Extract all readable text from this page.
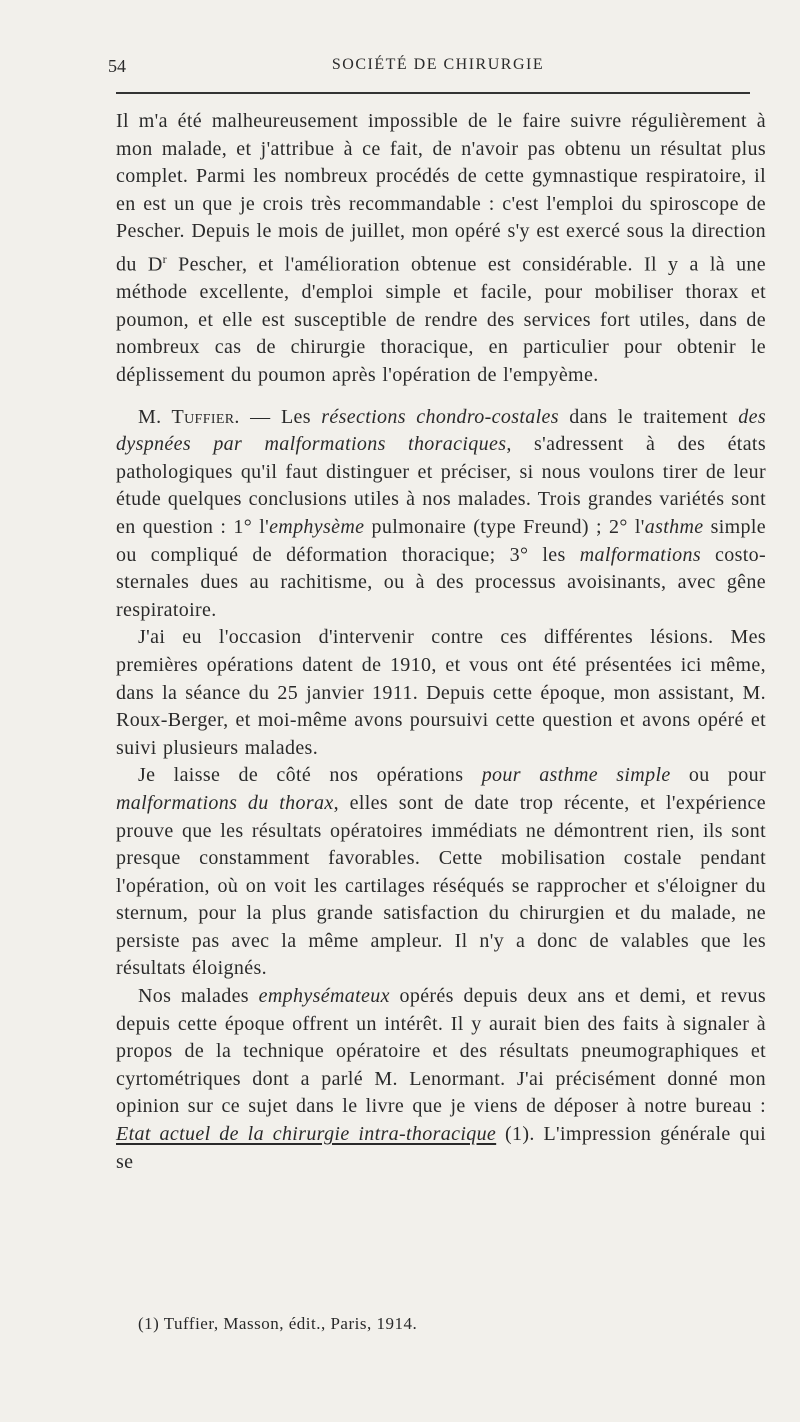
54	SOCIÉTÉ DE CHIRURGIE

Il m'a été malheureusement impossible de le faire suivre régulièrement à mon malade, et j'attribue à ce fait, de n'avoir pas obtenu un résultat plus complet. Parmi les nombreux procédés de cette gymnastique respiratoire, il en est un que je crois très recommandable : c'est l'emploi du spiroscope de Pescher. Depuis le mois de juillet, mon opéré s'y est exercé sous la direction du $D^r$ Pescher, et l'amélioration obtenue est considérable. Il y a là une méthode excellente, d'emploi simple et facile, pour mobiliser thorax et poumon, et elle est susceptible de rendre des services fort utiles, dans de nombreux cas de chirurgie thoracique, en particulier pour obtenir le déplissement du poumon après l'opération de l'empyème.

M. Tuffier. — Les résections chondro-costales dans le traitement des dyspnées par malformations thoraciques, s'adressent à des états pathologiques qu'il faut distinguer et préciser, si nous voulons tirer de leur étude quelques conclusions utiles à nos malades. Trois grandes variétés sont en question : 1° l'emphysème pulmonaire (type Freund) ; 2° l'asthme simple ou compliqué de déformation thoracique; 3° les malformations costo-sternales dues au rachitisme, ou à des processus avoisinants, avec gêne respiratoire.

J'ai eu l'occasion d'intervenir contre ces différentes lésions. Mes premières opérations datent de 1910, et vous ont été présentées ici même, dans la séance du 25 janvier 1911. Depuis cette époque, mon assistant, M. Roux-Berger, et moi-même avons poursuivi cette question et avons opéré et suivi plusieurs malades.

Je laisse de côté nos opérations pour asthme simple ou pour malformations du thorax, elles sont de date trop récente, et l'expérience prouve que les résultats opératoires immédiats ne démontrent rien, ils sont presque constamment favorables. Cette mobilisation costale pendant l'opération, où on voit les cartilages réséqués se rapprocher et s'éloigner du sternum, pour la plus grande satisfaction du chirurgien et du malade, ne persiste pas avec la même ampleur. Il n'y a donc de valables que les résultats éloignés.

Nos malades emphysémateux opérés depuis deux ans et demi, et revus depuis cette époque offrent un intérêt. Il y aurait bien des faits à signaler à propos de la technique opératoire et des résultats pneumographiques et cyrtométriques dont a parlé M. Lenormant. J'ai précisément donné mon opinion sur ce sujet dans le livre que je viens de déposer à notre bureau : Etat actuel de la chirurgie intra-thoracique (1). L'impression générale qui se

(1) Tuffier, Masson, édit., Paris, 1914.
